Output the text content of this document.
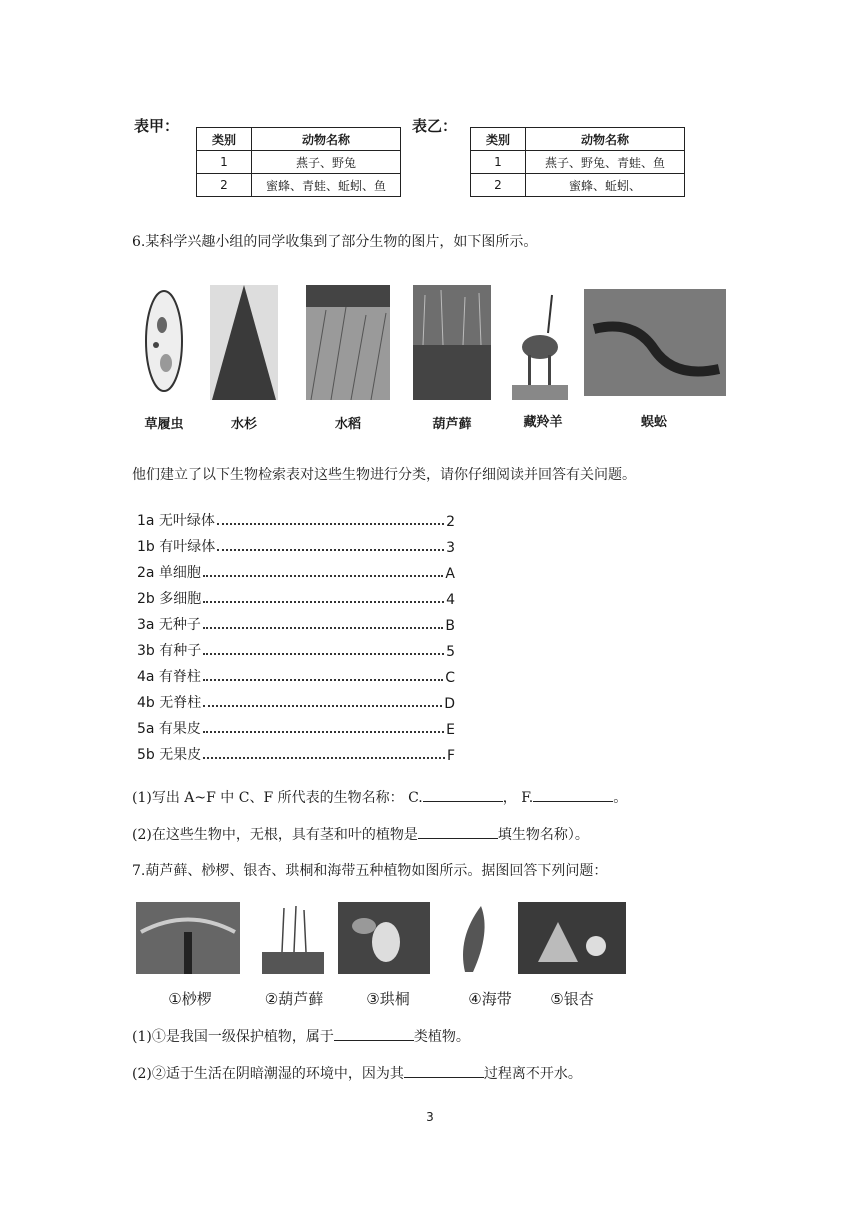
表甲：
类别	动物名称
1	燕子、野兔
2	蜜蜂、青蛙、蚯蚓、鱼
表乙：
类别	动物名称
1	燕子、野兔、青蛙、鱼
2	蜜蜂、蚯蚓、
6.某科学兴趣小组的同学收集到了部分生物的图片，如下图所示。
草履虫	水杉	水稻	葫芦藓	藏羚羊	蜈蚣
他们建立了以下生物检索表对这些生物进行分类，请你仔细阅读并回答有关问题。
1a 无叶绿体	2
1b 有叶绿体	3
2a 单细胞	A
2b 多细胞	4
3a 无种子	B
3b 有种子	5
4a 有脊柱	C
4b 无脊柱	D
5a 有果皮	E
5b 无果皮	F
(1)写出 A~F 中 C、F 所代表的生物名称： C.	， F.	。
(2)在这些生物中，无根，具有茎和叶的植物是	填生物名称）。
7.葫芦藓、桫椤、银杏、珙桐和海带五种植物如图所示。据图回答下列问题：
①桫椤	②葫芦藓	③珙桐	④海带	⑤银杏
(1)①是我国一级保护植物，属于	类植物。
(2)②适于生活在阴暗潮湿的环境中，因为其	过程离不开水。
3
